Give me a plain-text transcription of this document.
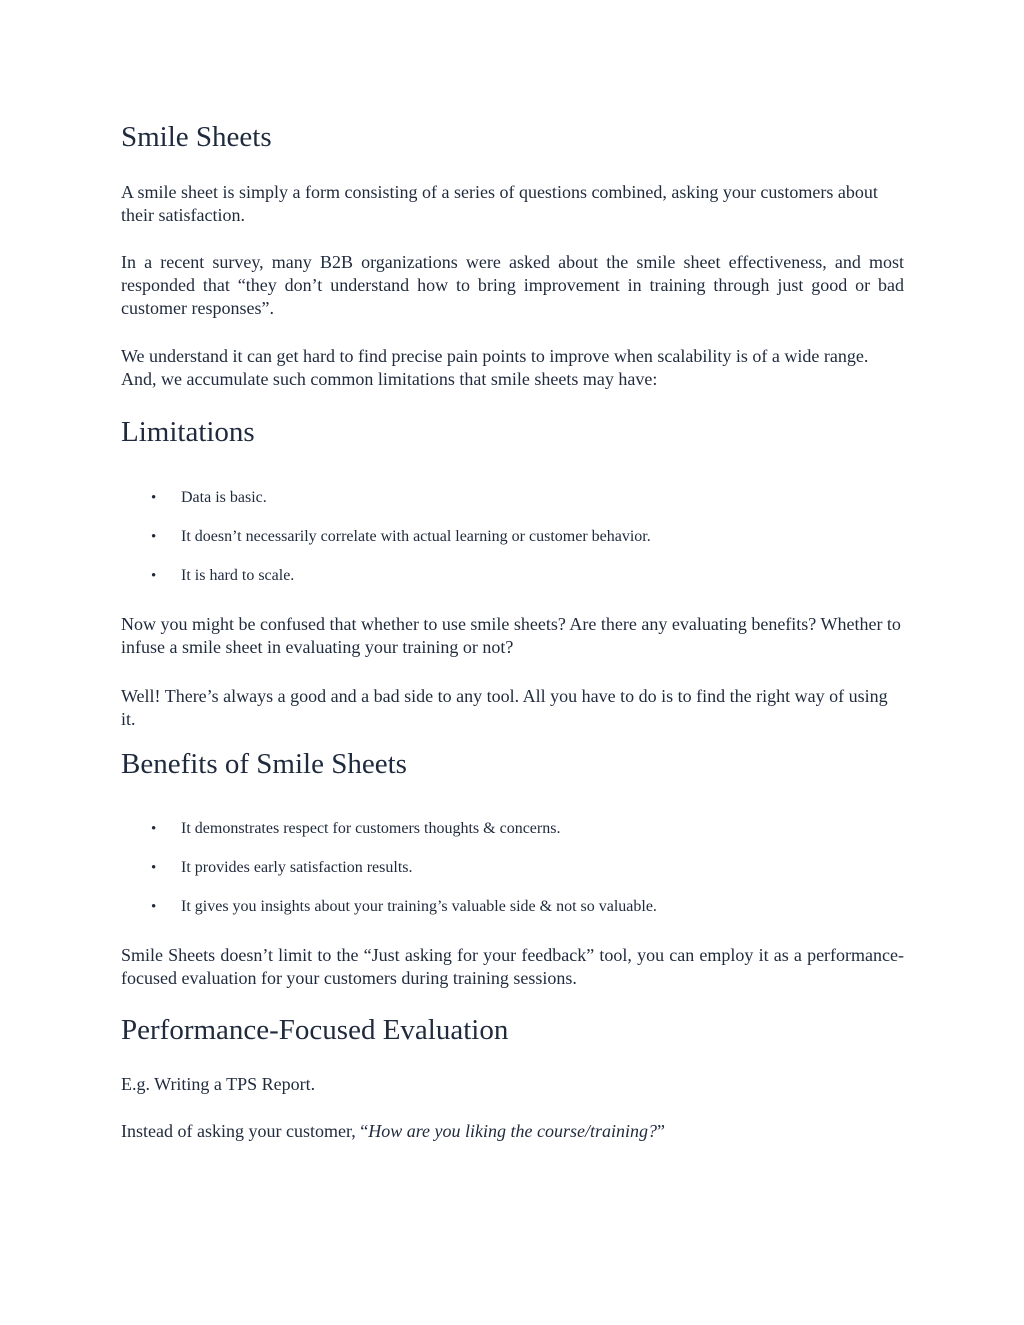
Smile Sheets

A smile sheet is simply a form consisting of a series of questions combined, asking your customers about their satisfaction.

In a recent survey, many B2B organizations were asked about the smile sheet effectiveness, and most responded that “they don’t understand how to bring improvement in training through just good or bad customer responses”.

We understand it can get hard to find precise pain points to improve when scalability is of a wide range. And, we accumulate such common limitations that smile sheets may have:

Limitations
• Data is basic.
• It doesn’t necessarily correlate with actual learning or customer behavior.
• It is hard to scale.

Now you might be confused that whether to use smile sheets? Are there any evaluating benefits? Whether to infuse a smile sheet in evaluating your training or not?

Well! There’s always a good and a bad side to any tool. All you have to do is to find the right way of using it.

Benefits of Smile Sheets
• It demonstrates respect for customers thoughts & concerns.
• It provides early satisfaction results.
• It gives you insights about your training’s valuable side & not so valuable.

Smile Sheets doesn’t limit to the “Just asking for your feedback” tool, you can employ it as a performance-focused evaluation for your customers during training sessions.

Performance-Focused Evaluation

E.g. Writing a TPS Report.

Instead of asking your customer, “How are you liking the course/training?”
